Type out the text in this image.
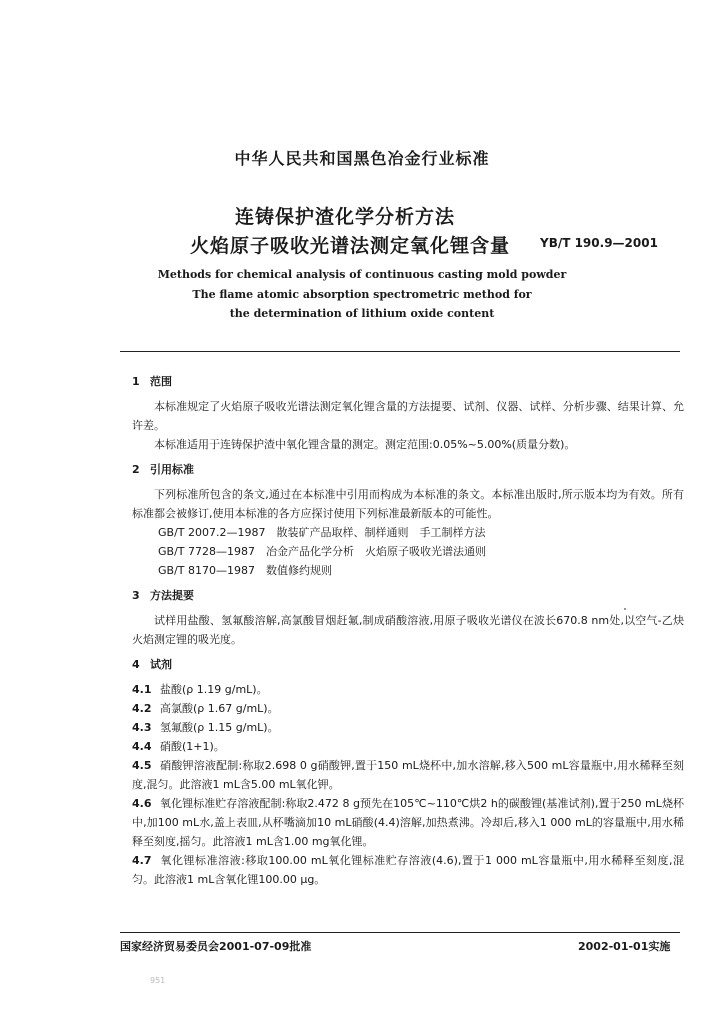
中华人民共和国黑色冶金行业标准
连铸保护渣化学分析方法
火焰原子吸收光谱法测定氧化锂含量 YB/T 190.9—2001
Methods for chemical analysis of continuous casting mold powder
The flame atomic absorption spectrometric method for
the determination of lithium oxide content
1 范围
本标准规定了火焰原子吸收光谱法测定氧化锂含量的方法提要、试剂、仪器、试样、分析步骤、结果计算、允许差。
本标准适用于连铸保护渣中氧化锂含量的测定。测定范围:0.05%~5.00%(质量分数)。
2 引用标准
下列标准所包含的条文,通过在本标准中引用而构成为本标准的条文。本标准出版时,所示版本均为有效。所有标准都会被修订,使用本标准的各方应探讨使用下列标准最新版本的可能性。
GB/T 2007.2—1987　散装矿产品取样、制样通则　手工制样方法
GB/T 7728—1987　冶金产品化学分析　火焰原子吸收光谱法通则
GB/T 8170—1987　数值修约规则
3 方法提要
试样用盐酸、氢氟酸溶解,高氯酸冒烟赶氟,制成硝酸溶液,用原子吸收光谱仪在波长670.8 nm处,以空气-乙炔火焰测定锂的吸光度。
4 试剂
4.1 盐酸(ρ 1.19 g/mL)。
4.2 高氯酸(ρ 1.67 g/mL)。
4.3 氢氟酸(ρ 1.15 g/mL)。
4.4 硝酸(1+1)。
4.5 硝酸钾溶液配制:称取2.698 0 g硝酸钾,置于150 mL烧杯中,加水溶解,移入500 mL容量瓶中,用水稀释至刻度,混匀。此溶液1 mL含5.00 mL氧化钾。
4.6 氧化锂标准贮存溶液配制:称取2.472 8 g预先在105℃~110℃烘2 h的碳酸锂(基准试剂),置于250 mL烧杯中,加100 mL水,盖上表皿,从杯嘴滴加10 mL硝酸(4.4)溶解,加热煮沸。冷却后,移入1 000 mL的容量瓶中,用水稀释至刻度,摇匀。此溶液1 mL含1.00 mg氧化锂。
4.7 氧化锂标准溶液:移取100.00 mL氧化锂标准贮存溶液(4.6),置于1 000 mL容量瓶中,用水稀释至刻度,混匀。此溶液1 mL含氧化锂100.00 μg。
国家经济贸易委员会2001-07-09批准	2002-01-01实施
951
